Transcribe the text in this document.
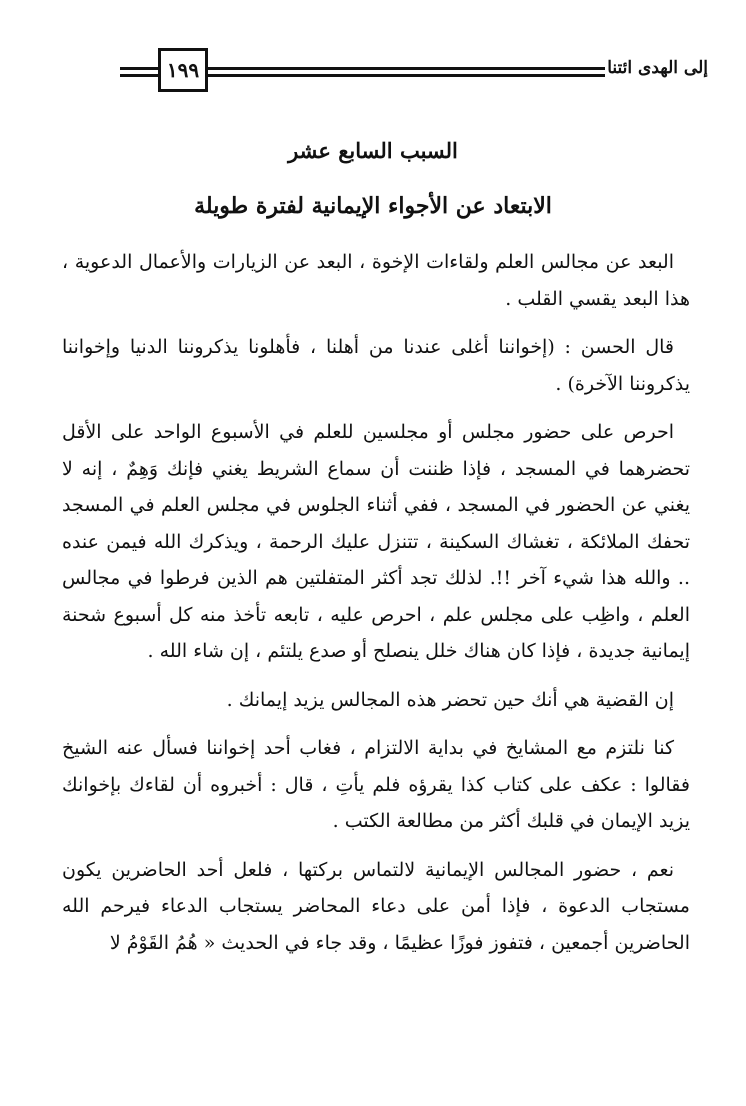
١٩٩	إلى الهدى ائتنا
السبب السابع عشر
الابتعاد عن الأجواء الإيمانية لفترة طويلة

البعد عن مجالس العلم ولقاءات الإخوة ، البعد عن الزيارات والأعمال الدعوية ، هذا البعد يقسي القلب .

قال الحسن : (إخواننا أغلى عندنا من أهلنا ، فأهلونا يذكروننا الدنيا وإخواننا يذكروننا الآخرة) .

احرص على حضور مجلس أو مجلسين للعلم في الأسبوع الواحد على الأقل تحضرهما في المسجد ، فإذا ظننت أن سماع الشريط يغني فإنك وَهِمٌ ، إنه لا يغني عن الحضور في المسجد ، ففي أثناء الجلوس في مجلس العلم في المسجد تحفك الملائكة ، تغشاك السكينة ، تتنزل عليك الرحمة ، ويذكرك الله فيمن عنده .. والله هذا شيء آخر !!. لذلك تجد أكثر المتفلتين هم الذين فرطوا في مجالس العلم ، واظِب على مجلس علم ، احرص عليه ، تابعه تأخذ منه كل أسبوع شحنة إيمانية جديدة ، فإذا كان هناك خلل ينصلح أو صدع يلتئم ، إن شاء الله .

إن القضية هي أنك حين تحضر هذه المجالس يزيد إيمانك .

كنا نلتزم مع المشايخ في بداية الالتزام ، فغاب أحد إخواننا فسأل عنه الشيخ فقالوا : عكف على كتاب كذا يقرؤه فلم يأتِ ، قال : أخبروه أن لقاءك بإخوانك يزيد الإيمان في قلبك أكثر من مطالعة الكتب .

نعم ، حضور المجالس الإيمانية لالتماس بركتها ، فلعل أحد الحاضرين يكون مستجاب الدعوة ، فإذا أمن على دعاء المحاضر يستجاب الدعاء فيرحم الله الحاضرين أجمعين ، فتفوز فوزًا عظيمًا ، وقد جاء في الحديث « هُمُ القَوْمُ لا
